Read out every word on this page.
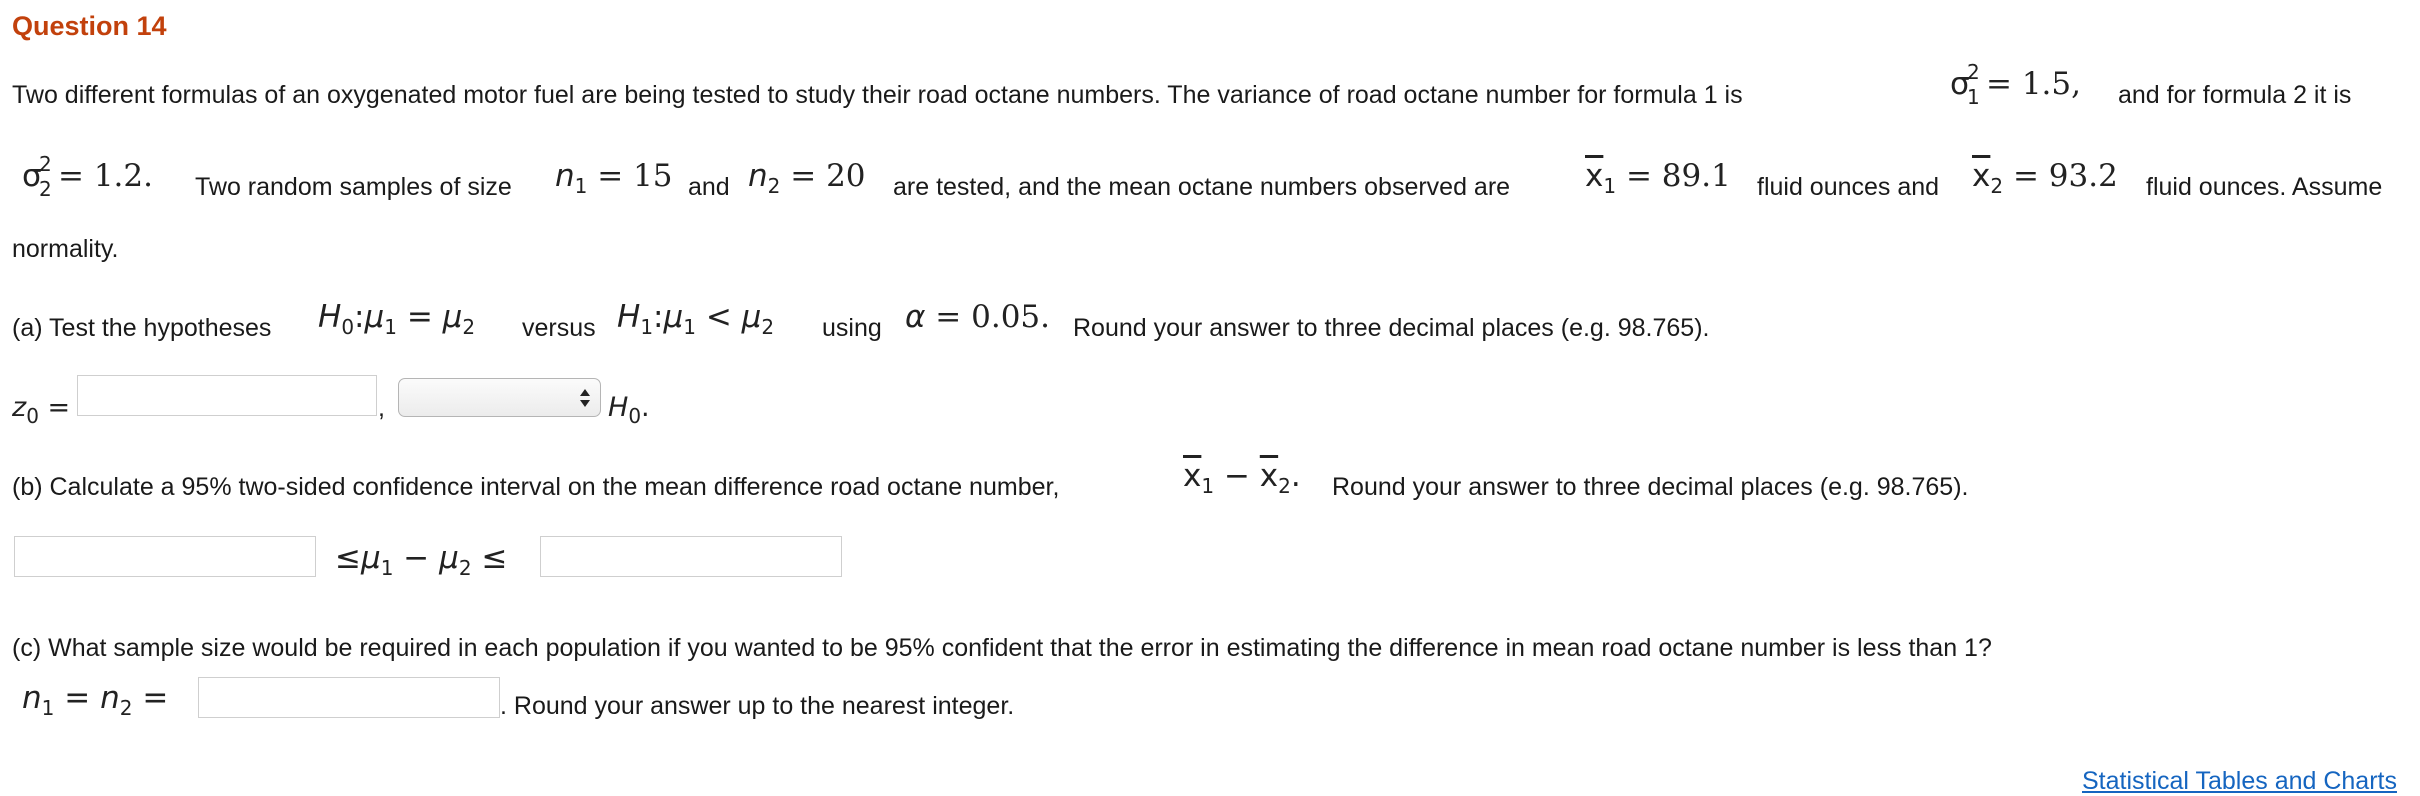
Question 14
Two different formulas of an oxygenated motor fuel are being tested to study their road octane numbers. The variance of road octane number for formula 1 is	σ
2
1 = 1.5, and for formula 2 it is
σ
2
2 = 1.2. Two random samples of size $n_1 = 15$ and $n_2 = 20$ are tested, and the mean octane numbers observed are $\overline{x}_1 = 89.1$ fluid ounces and $\overline{x}_2 = 93.2$ fluid ounces. Assume
normality.
(a) Test the hypotheses $H_0:\mu_1 = \mu_2$ versus $H_1:\mu_1 < \mu_2$ using α = 0.05. Round your answer to three decimal places (e.g. 98.765).
$z_0$ =	,	$H_0$.
(b) Calculate a 95% two-sided confidence interval on the mean difference road octane number,	$\overline{x}_1 - \overline{x}_2$. Round your answer to three decimal places (e.g. 98.765).
$\le\mu_1 - \mu_2$ ≤
(c) What sample size would be required in each population if you wanted to be 95% confident that the error in estimating the difference in mean road octane number is less than 1?
$n_1 = n_2$ =	. Round your answer up to the nearest integer.
Statistical Tables and Charts
